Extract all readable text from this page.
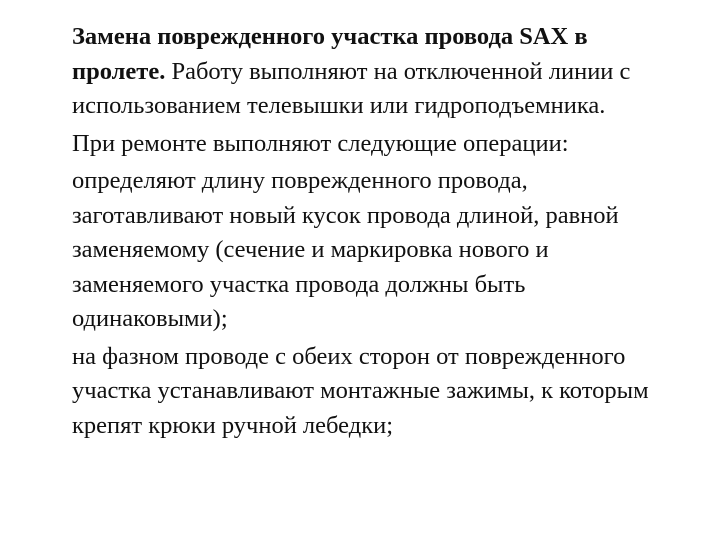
Замена поврежденного участка провода SAX в пролете. Работу выполняют на отключенной линии с использованием телевышки или гидроподъемника.

При ремонте выполняют следующие операции:

определяют длину поврежденного провода, заготавливают новый кусок провода длиной, равной заменяемому (сечение и маркировка нового и заменяемого участка провода должны быть одинаковыми);

на фазном проводе с обеих сторон от поврежденного участка устанавливают монтажные зажимы, к которым крепят крюки ручной лебедки;
